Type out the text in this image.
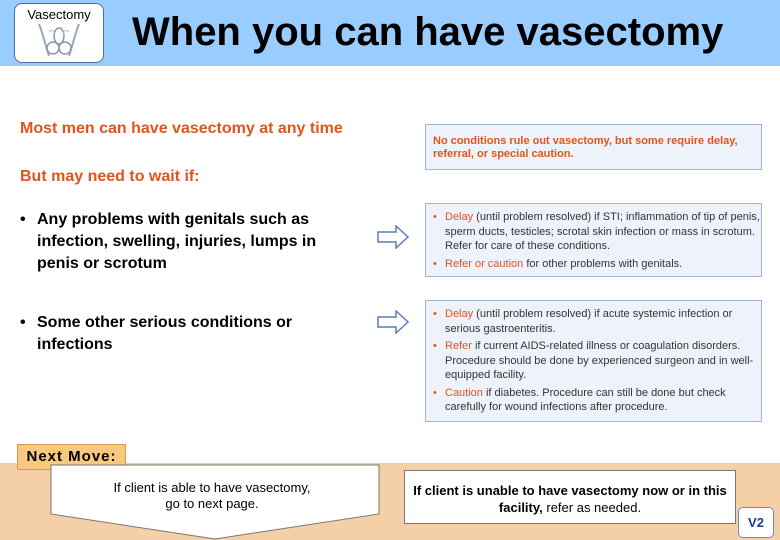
Vasectomy	When you can have vasectomy
Most men can have vasectomy at any time

No conditions rule out vasectomy, but some require delay, referral, or special caution.

But may need to wait if:
• Any problems with genitals such as infection, swelling, injuries, lumps in penis or scrotum
• Delay (until problem resolved) if STI; inflammation of tip of penis, sperm ducts, testicles; scrotal skin infection or mass in scrotum. Refer for care of these conditions.
• Refer or caution for other problems with genitals.
• Some other serious conditions or infections
• Delay (until problem resolved) if acute systemic infection or serious gastroenteritis.
• Refer if current AIDS-related illness or coagulation disorders. Procedure should be done by experienced surgeon and in well-equipped facility.
• Caution if diabetes. Procedure can still be done but check carefully for wound infections after procedure.
Next Move:
If client is able to have vasectomy,
go to next page.

If client is unable to have vasectomy now or in this facility, refer as needed.

V2
